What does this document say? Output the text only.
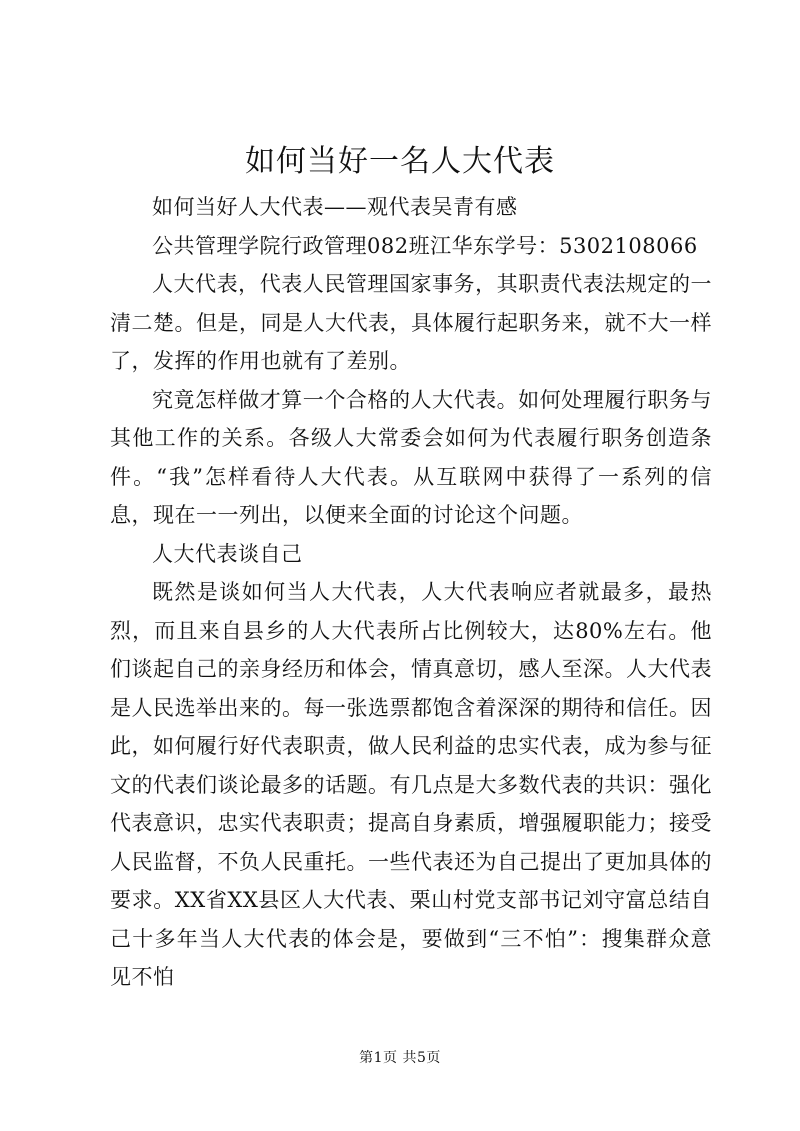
如何当好一名人大代表

如何当好人大代表——观代表吴青有感

公共管理学院行政管理082班江华东学号：5302108066

人大代表，代表人民管理国家事务，其职责代表法规定的一清二楚。但是，同是人大代表，具体履行起职务来，就不大一样了，发挥的作用也就有了差别。

究竟怎样做才算一个合格的人大代表。如何处理履行职务与其他工作的关系。各级人大常委会如何为代表履行职务创造条件。“我”怎样看待人大代表。从互联网中获得了一系列的信息，现在一一列出，以便来全面的讨论这个问题。

人大代表谈自己

既然是谈如何当人大代表，人大代表响应者就最多，最热烈，而且来自县乡的人大代表所占比例较大，达80%左右。他们谈起自己的亲身经历和体会，情真意切，感人至深。人大代表是人民选举出来的。每一张选票都饱含着深深的期待和信任。因此，如何履行好代表职责，做人民利益的忠实代表，成为参与征文的代表们谈论最多的话题。有几点是大多数代表的共识：强化代表意识，忠实代表职责；提高自身素质，增强履职能力；接受人民监督，不负人民重托。一些代表还为自己提出了更加具体的要求。XX省XX县区人大代表、栗山村党支部书记刘守富总结自己十多年当人大代表的体会是，要做到“三不怕”：搜集群众意见不怕

第1页 共5页
